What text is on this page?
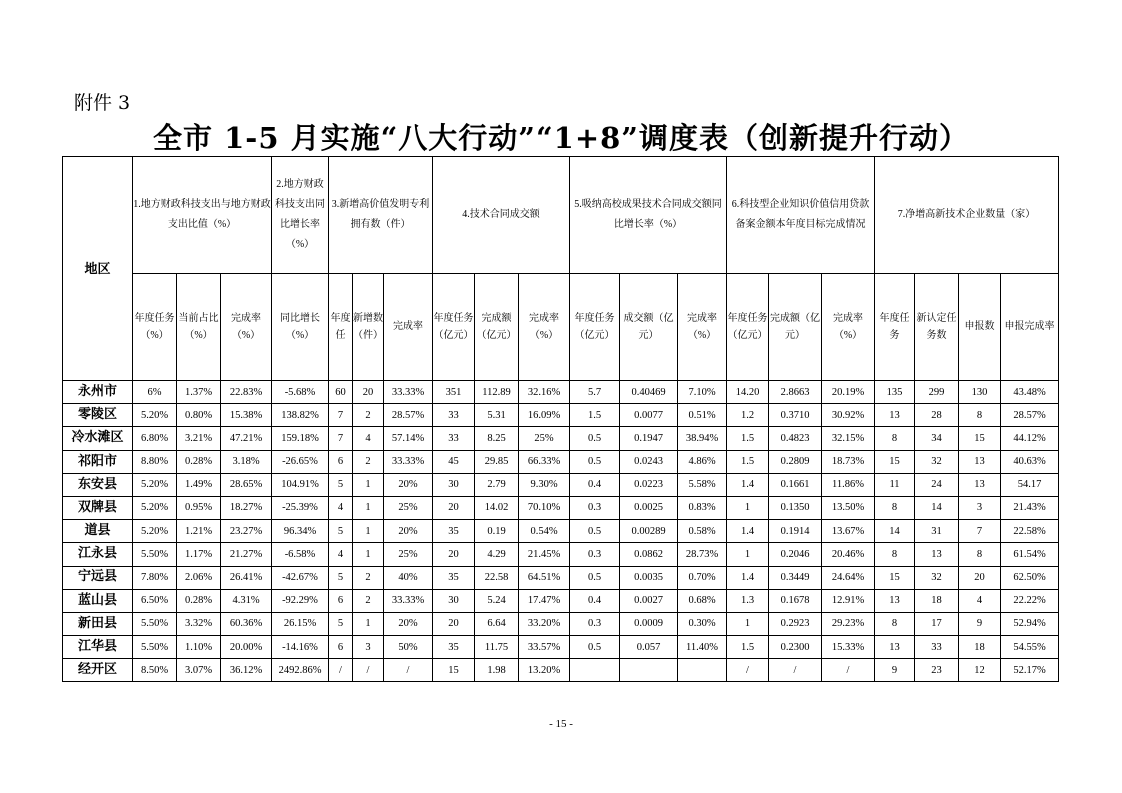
附件 3
全市 1-5 月实施“八大行动”“1+8”调度表（创新提升行动）
地区	1.地方财政科技支出与地方财政支出比值（%）			2.地方财政科技支出同比增长率（%）	3.新增高价值发明专利拥有数（件）			4.技术合同成交额			5.吸纳高校成果技术合同成交额同比增长率（%）			6.科技型企业知识价值信用贷款备案金额本年度目标完成情况			7.净增高新技术企业数量（家）			
	年度任务（%）	当前占比（%）	完成率（%）	同比增长（%）	年度任	新增数（件）	完成率	年度任务（亿元）	完成额（亿元）	完成率（%）	年度任务（亿元）	成交额（亿元）	完成率（%）	年度任务（亿元）	完成额（亿元）	完成率（%）	年度任务	新认定任务数	申报数	申报完成率
永州市	6%	1.37%	22.83%	-5.68%	60	20	33.33%	351	112.89	32.16%	5.7	0.40469	7.10%	14.20	2.8663	20.19%	135	299	130	43.48%
零陵区	5.20%	0.80%	15.38%	138.82%	7	2	28.57%	33	5.31	16.09%	1.5	0.0077	0.51%	1.2	0.3710	30.92%	13	28	8	28.57%
冷水滩区	6.80%	3.21%	47.21%	159.18%	7	4	57.14%	33	8.25	25%	0.5	0.1947	38.94%	1.5	0.4823	32.15%	8	34	15	44.12%
祁阳市	8.80%	0.28%	3.18%	-26.65%	6	2	33.33%	45	29.85	66.33%	0.5	0.0243	4.86%	1.5	0.2809	18.73%	15	32	13	40.63%
东安县	5.20%	1.49%	28.65%	104.91%	5	1	20%	30	2.79	9.30%	0.4	0.0223	5.58%	1.4	0.1661	11.86%	11	24	13	54.17
双牌县	5.20%	0.95%	18.27%	-25.39%	4	1	25%	20	14.02	70.10%	0.3	0.0025	0.83%	1	0.1350	13.50%	8	14	3	21.43%
道县	5.20%	1.21%	23.27%	96.34%	5	1	20%	35	0.19	0.54%	0.5	0.00289	0.58%	1.4	0.1914	13.67%	14	31	7	22.58%
江永县	5.50%	1.17%	21.27%	-6.58%	4	1	25%	20	4.29	21.45%	0.3	0.0862	28.73%	1	0.2046	20.46%	8	13	8	61.54%
宁远县	7.80%	2.06%	26.41%	-42.67%	5	2	40%	35	22.58	64.51%	0.5	0.0035	0.70%	1.4	0.3449	24.64%	15	32	20	62.50%
蓝山县	6.50%	0.28%	4.31%	-92.29%	6	2	33.33%	30	5.24	17.47%	0.4	0.0027	0.68%	1.3	0.1678	12.91%	13	18	4	22.22%
新田县	5.50%	3.32%	60.36%	26.15%	5	1	20%	20	6.64	33.20%	0.3	0.0009	0.30%	1	0.2923	29.23%	8	17	9	52.94%
江华县	5.50%	1.10%	20.00%	-14.16%	6	3	50%	35	11.75	33.57%	0.5	0.057	11.40%	1.5	0.2300	15.33%	13	33	18	54.55%
经开区	8.50%	3.07%	36.12%	2492.86%	/	/	/	15	1.98	13.20%				/	/	/	9	23	12	52.17%
- 15 -
